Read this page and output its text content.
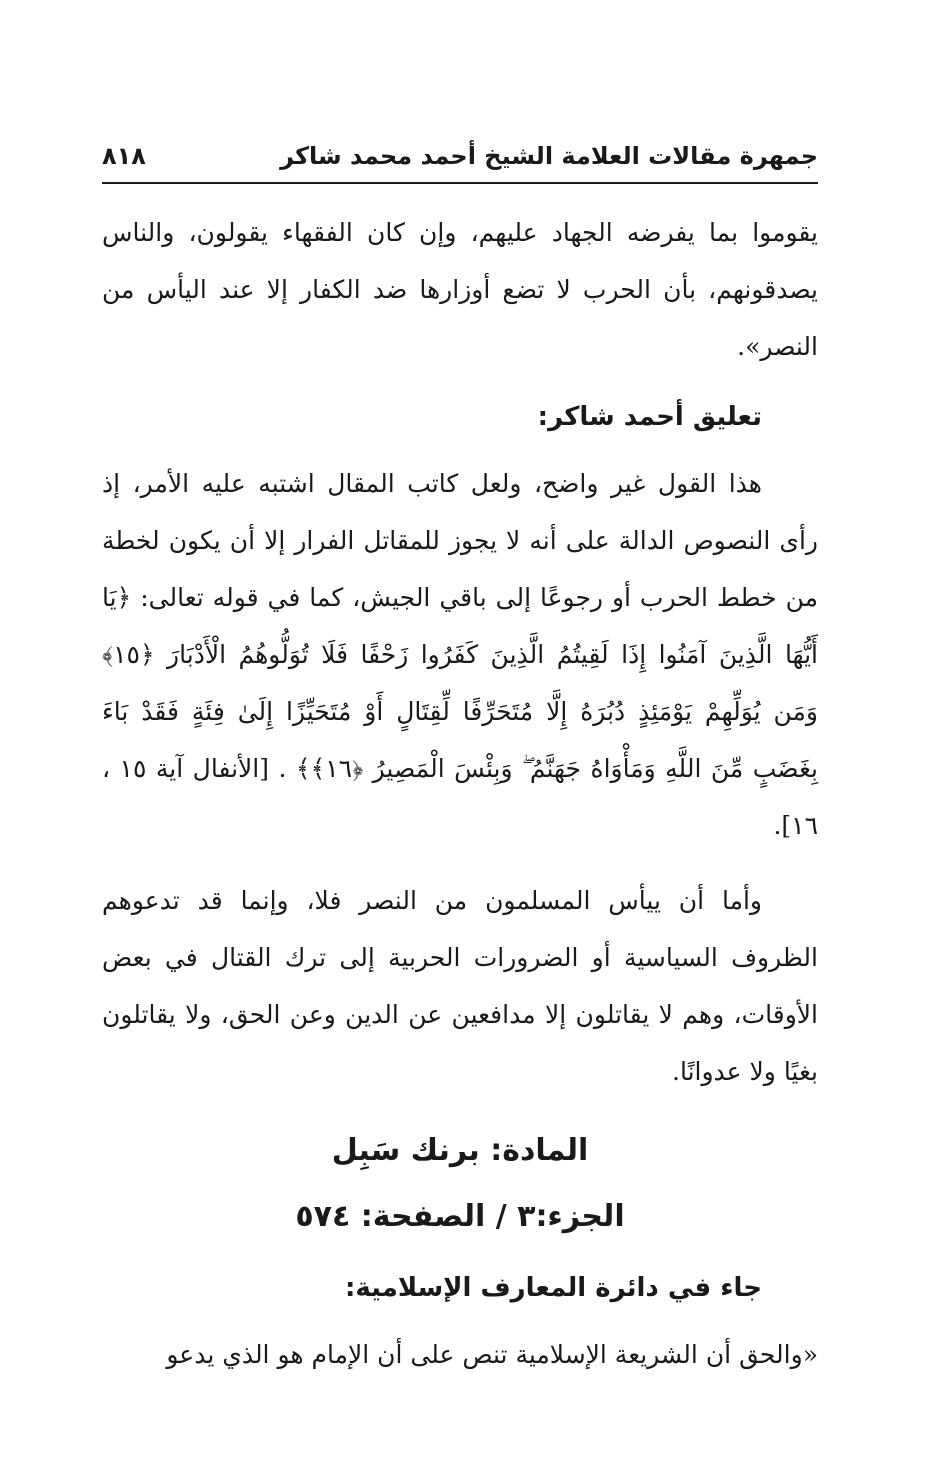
جمهرة مقالات العلامة الشيخ أحمد محمد شاكر
٨١٨

يقوموا بما يفرضه الجهاد عليهم، وإن كان الفقهاء يقولون، والناس يصدقونهم، بأن الحرب لا تضع أوزارها ضد الكفار إلا عند اليأس من النصر».

تعليق أحمد شاكر:

هذا القول غير واضح، ولعل كاتب المقال اشتبه عليه الأمر، إذ رأى النصوص الدالة على أنه لا يجوز للمقاتل الفرار إلا أن يكون لخطة من خطط الحرب أو رجوعًا إلى باقي الجيش، كما في قوله تعالى: ﴿يَا أَيُّهَا الَّذِينَ آمَنُوا إِذَا لَقِيتُمُ الَّذِينَ كَفَرُوا زَحْفًا فَلَا تُوَلُّوهُمُ الْأَدْبَارَ ﴿١٥﴾ وَمَن يُوَلِّهِمْ يَوْمَئِذٍ دُبُرَهُ إِلَّا مُتَحَرِّفًا لِّقِتَالٍ أَوْ مُتَحَيِّزًا إِلَىٰ فِئَةٍ فَقَدْ بَاءَ بِغَضَبٍ مِّنَ اللَّهِ وَمَأْوَاهُ جَهَنَّمُ ۖ وَبِئْسَ الْمَصِيرُ ﴿١٦﴾﴾ . [الأنفال آية ١٥ ، ١٦].

وأما أن ييأس المسلمون من النصر فلا، وإنما قد تدعوهم الظروف السياسية أو الضرورات الحربية إلى ترك القتال في بعض الأوقات، وهم لا يقاتلون إلا مدافعين عن الدين وعن الحق، ولا يقاتلون بغيًا ولا عدوانًا.

المادة: برنك سَبِل
الجزء:٣ / الصفحة: ٥٧٤
جاء في دائرة المعارف الإسلامية:

«والحق أن الشريعة الإسلامية تنص على أن الإمام هو الذي يدعو
